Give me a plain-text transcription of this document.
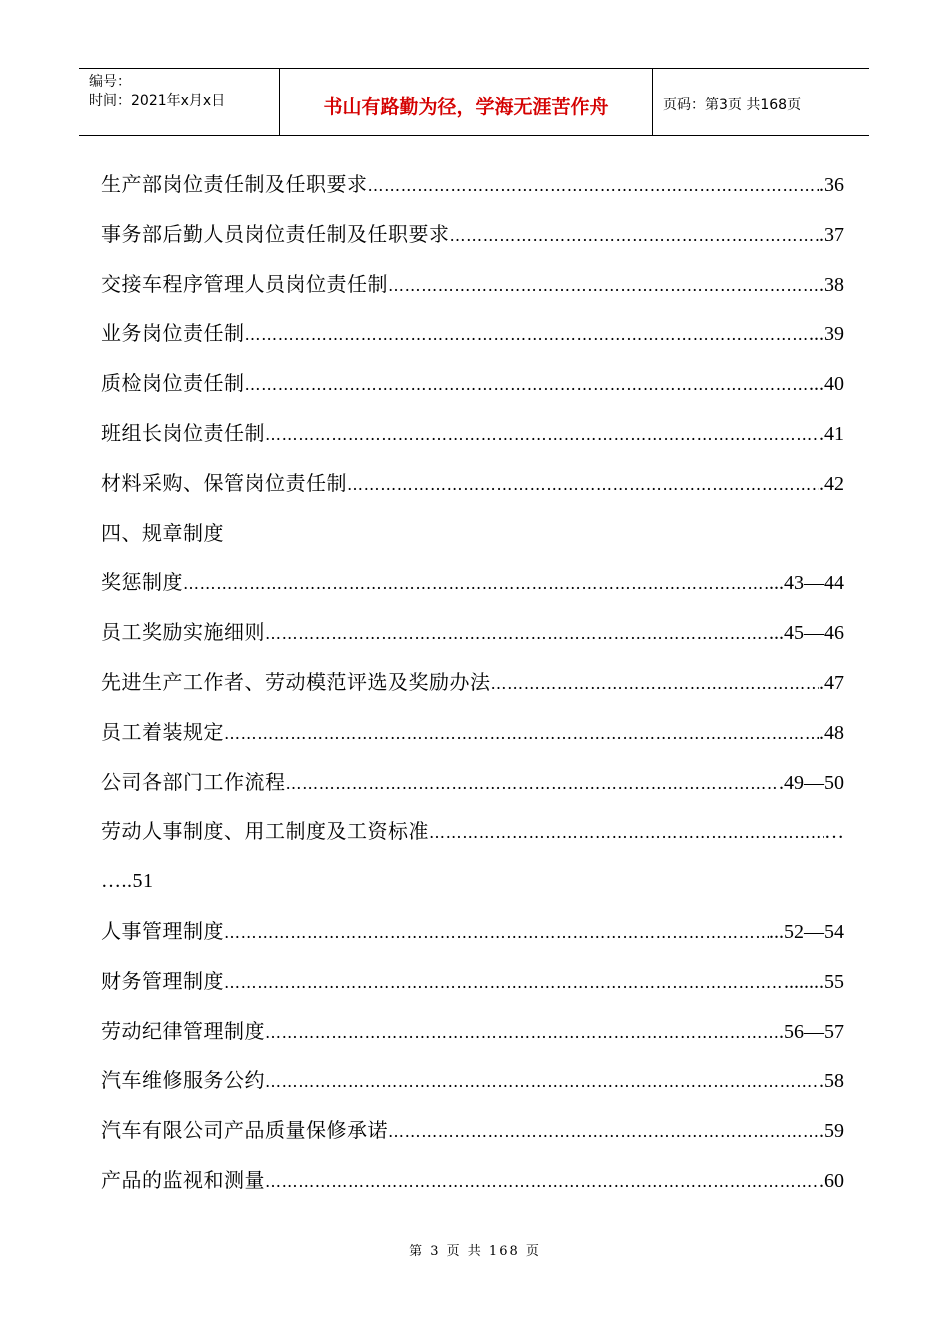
编号：
时间：2021年x月x日	书山有路勤为径，学海无涯苦作舟	页码：第3页 共168页
生产部岗位责任制及任职要求 ……………………………………………………………………………………………………………………………………	.36
事务部后勤人员岗位责任制及任职要求 ……………………………………………………………………………………………………………………………………	.37
交接车程序管理人员岗位责任制 ……………………………………………………………………………………………………………………………………	.38
业务岗位责任制 ……………………………………………………………………………………………………………………………………	...39
质检岗位责任制 ……………………………………………………………………………………………………………………………………	...40
班组长岗位责任制 ……………………………………………………………………………………………………………………………………	.41
材料采购、保管岗位责任制 ……………………………………………………………………………………………………………………………………	.42
四、规章制度
奖惩制度 ……………………………………………………………………………………………………………………………………	...43—44
员工奖励实施细则 ……………………………………………………………………………………………………………………………………	...45—46
先进生产工作者、劳动模范评选及奖励办法 ……………………………………………………………………………………………………………………………………	.47
员工着装规定 ……………………………………………………………………………………………………………………………………	.48
公司各部门工作流程 ……………………………………………………………………………………………………………………………………	.49—50
劳动人事制度、用工制度及工资标准 ……………………………………………………………………………………………………………………………………	…
…..51
人事管理制度 ……………………………………………………………………………………………………………………………………	...52—54
财务管理制度 ……………………………………………………………………………………………………………………………………	........55
劳动纪律管理制度 ……………………………………………………………………………………………………………………………………	.56—57
汽车维修服务公约 ……………………………………………………………………………………………………………………………………	.58
汽车有限公司产品质量保修承诺 ……………………………………………………………………………………………………………………………………	.59
产品的监视和测量 ……………………………………………………………………………………………………………………………………	.60
第 3 页 共 168 页
